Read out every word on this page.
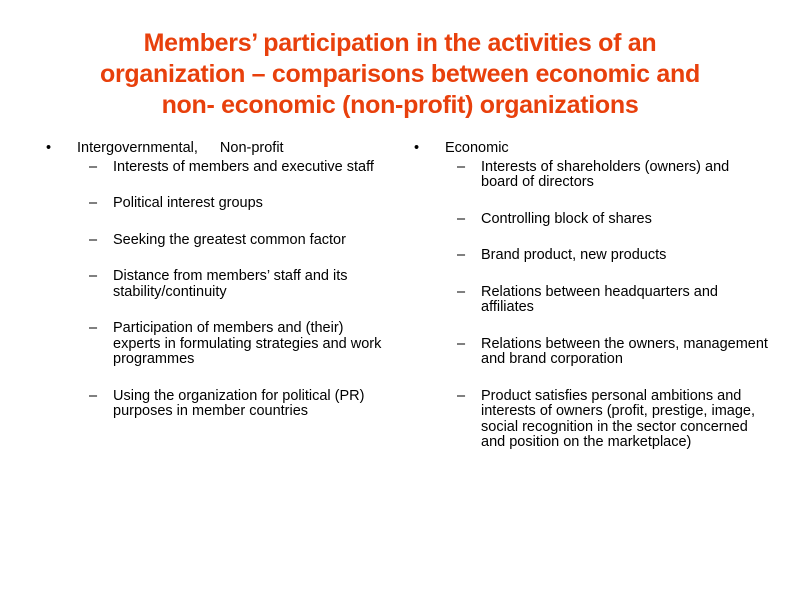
Members’ participation in the activities of an
organization – comparisons between economic and
non- economic (non-profit) organizations
• Intergovernmental, Non-profit
– Interests of members and executive staff
– Political interest groups
– Seeking the greatest common factor
– Distance from members’ staff and its stability/continuity
– Participation of members and (their) experts in formulating strategies and work programmes
– Using the organization for political (PR) purposes in member countries
• Economic
– Interests of shareholders (owners) and board of directors
– Controlling block of shares
– Brand product, new products
– Relations between headquarters and affiliates
– Relations between the owners, management and brand corporation
– Product satisfies personal ambitions and interests of owners (profit, prestige, image, social recognition in the sector concerned and position on the marketplace)
